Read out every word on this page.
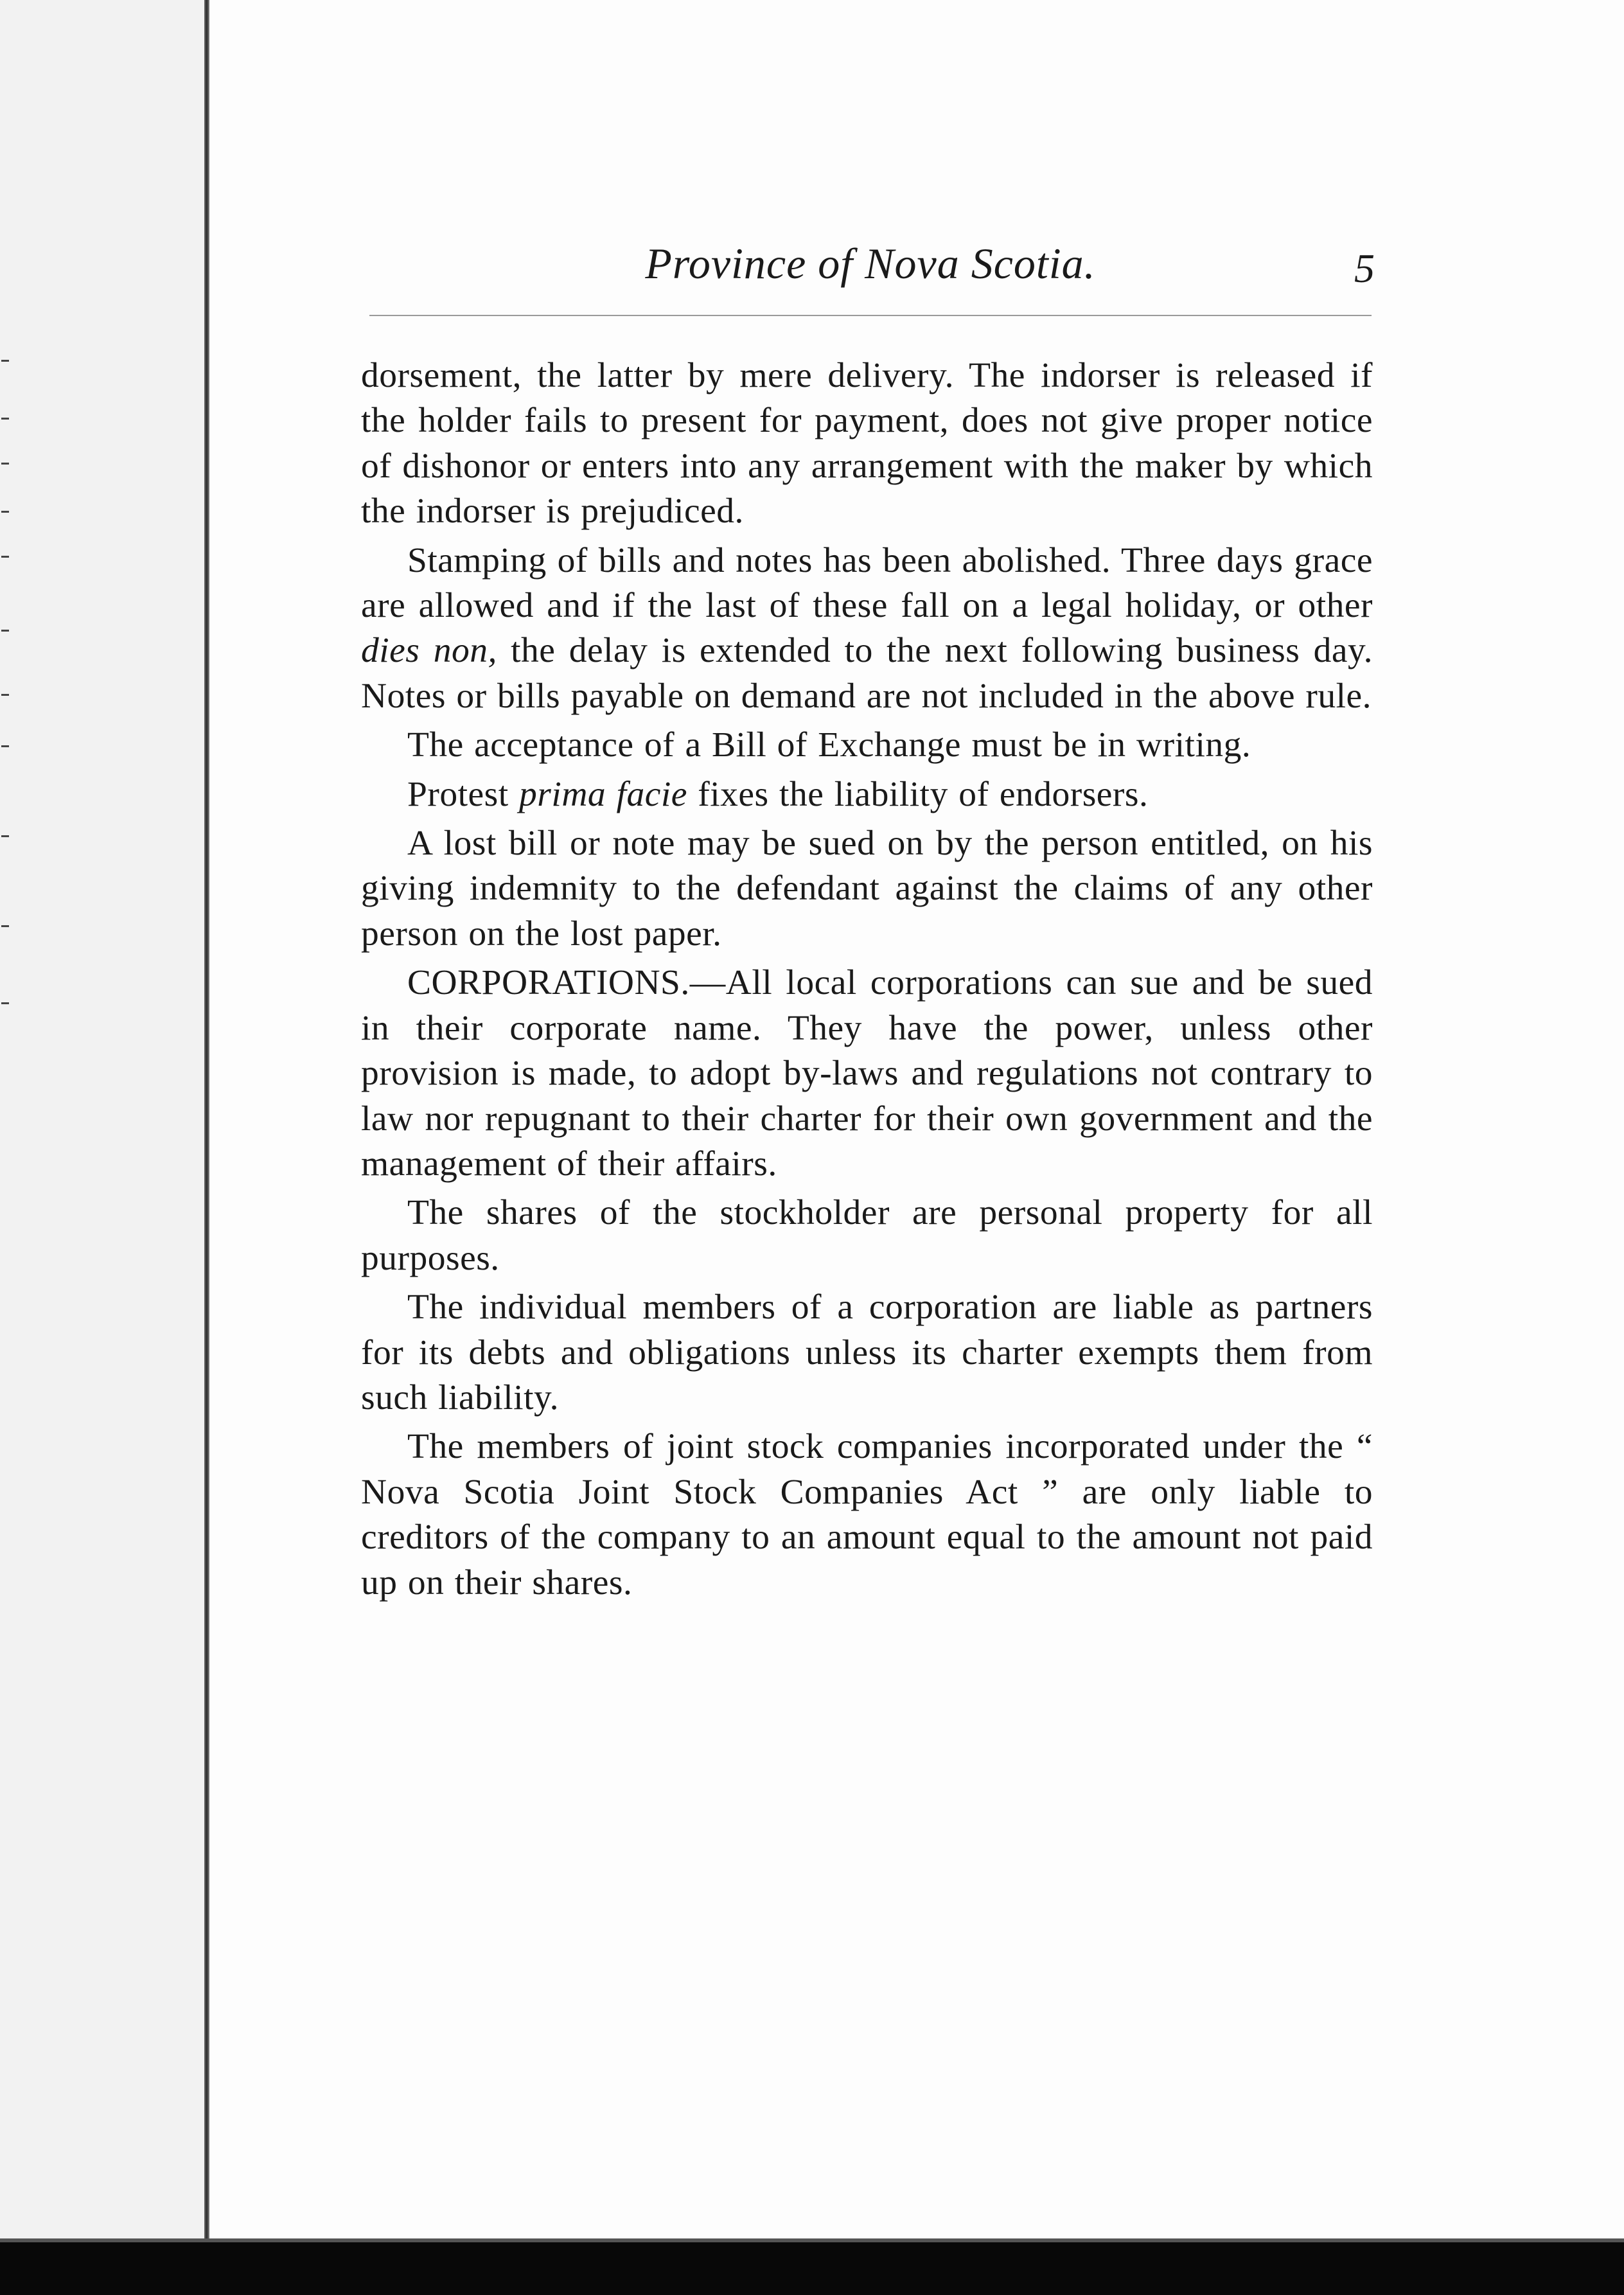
Province of Nova Scotia.	5

dorsement, the latter by mere delivery. The indorser is released if the holder fails to present for payment, does not give proper notice of dishonor or enters into any arrangement with the maker by which the indorser is prejudiced.

Stamping of bills and notes has been abolished. Three days grace are allowed and if the last of these fall on a legal holiday, or other dies non, the delay is extended to the next following business day. Notes or bills payable on demand are not included in the above rule.

The acceptance of a Bill of Exchange must be in writing.

Protest prima facie fixes the liability of endorsers.

A lost bill or note may be sued on by the person entitled, on his giving indemnity to the defendant against the claims of any other person on the lost paper.

CORPORATIONS.—All local corporations can sue and be sued in their corporate name. They have the power, unless other provision is made, to adopt by-laws and regulations not contrary to law nor repugnant to their charter for their own government and the management of their affairs.

The shares of the stockholder are personal property for all purposes.

The individual members of a corporation are liable as partners for its debts and obligations unless its charter exempts them from such liability.

The members of joint stock companies incorporated under the “ Nova Scotia Joint Stock Companies Act ” are only liable to creditors of the company to an amount equal to the amount not paid up on their shares.
